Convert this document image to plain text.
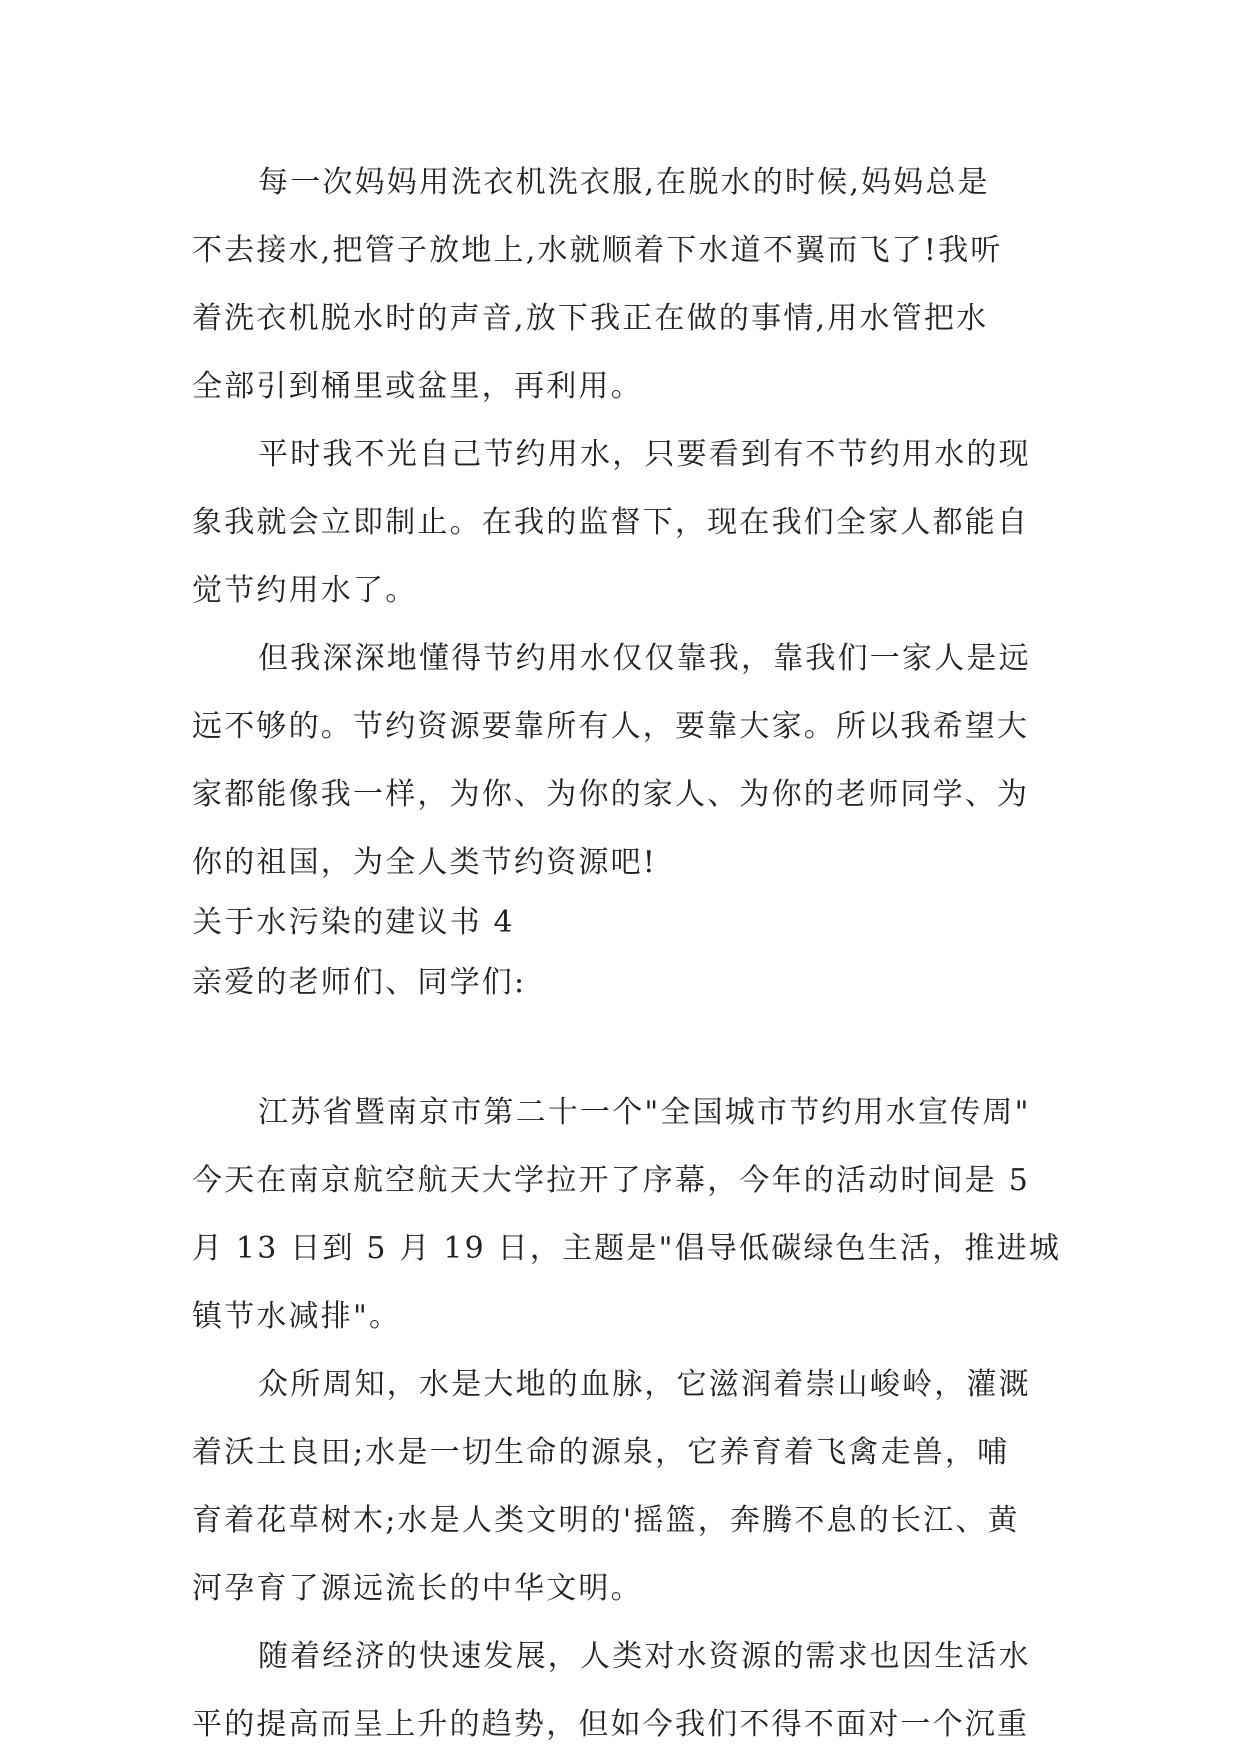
每一次妈妈用洗衣机洗衣服,在脱水的时候,妈妈总是
不去接水,把管子放地上,水就顺着下水道不翼而飞了!我听
着洗衣机脱水时的声音,放下我正在做的事情,用水管把水
全部引到桶里或盆里，再利用。
平时我不光自己节约用水，只要看到有不节约用水的现
象我就会立即制止。在我的监督下，现在我们全家人都能自
觉节约用水了。
但我深深地懂得节约用水仅仅靠我，靠我们一家人是远
远不够的。节约资源要靠所有人，要靠大家。所以我希望大
家都能像我一样，为你、为你的家人、为你的老师同学、为
你的祖国，为全人类节约资源吧!
关于水污染的建议书 4
亲爱的老师们、同学们:
江苏省暨南京市第二十一个"全国城市节约用水宣传周"
今天在南京航空航天大学拉开了序幕，今年的活动时间是 5
月 13 日到 5 月 19 日，主题是"倡导低碳绿色生活，推进城
镇节水减排"。
众所周知，水是大地的血脉，它滋润着崇山峻岭，灌溉
着沃土良田;水是一切生命的源泉，它养育着飞禽走兽，哺
育着花草树木;水是人类文明的'摇篮，奔腾不息的长江、黄
河孕育了源远流长的中华文明。
随着经济的快速发展，人类对水资源的需求也因生活水
平的提高而呈上升的趋势，但如今我们不得不面对一个沉重
